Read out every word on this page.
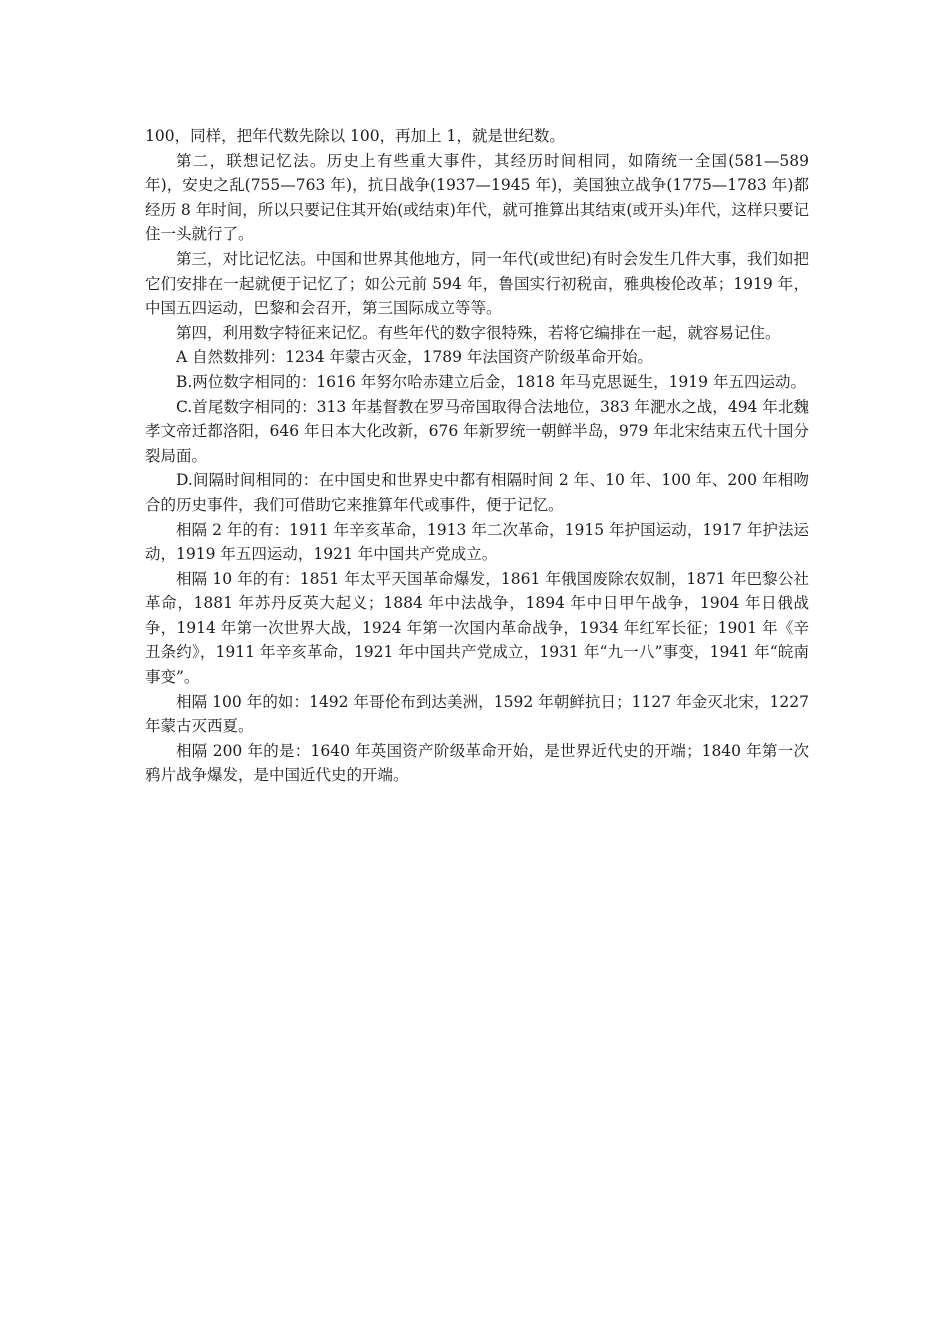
100，同样，把年代数先除以 100，再加上 1，就是世纪数。

第二，联想记忆法。历史上有些重大事件，其经历时间相同，如隋统一全国(581—589 年)，安史之乱(755—763 年)，抗日战争(1937—1945 年)，美国独立战争(1775—1783 年)都经历 8 年时间，所以只要记住其开始(或结束)年代，就可推算出其结束(或开头)年代，这样只要记住一头就行了。

第三，对比记忆法。中国和世界其他地方，同一年代(或世纪)有时会发生几件大事，我们如把它们安排在一起就便于记忆了；如公元前 594 年，鲁国实行初税亩，雅典梭伦改革；1919 年，中国五四运动，巴黎和会召开，第三国际成立等等。

第四，利用数字特征来记忆。有些年代的数字很特殊，若将它编排在一起，就容易记住。

A 自然数排列：1234 年蒙古灭金，1789 年法国资产阶级革命开始。

B.两位数字相同的：1616 年努尔哈赤建立后金，1818 年马克思诞生，1919 年五四运动。

C.首尾数字相同的：313 年基督教在罗马帝国取得合法地位，383 年淝水之战，494 年北魏孝文帝迁都洛阳，646 年日本大化改新，676 年新罗统一朝鲜半岛，979 年北宋结束五代十国分裂局面。

D.间隔时间相同的：在中国史和世界史中都有相隔时间 2 年、10 年、100 年、200 年相吻合的历史事件，我们可借助它来推算年代或事件，便于记忆。

相隔 2 年的有：1911 年辛亥革命，1913 年二次革命，1915 年护国运动，1917 年护法运动，1919 年五四运动，1921 年中国共产党成立。

相隔 10 年的有：1851 年太平天国革命爆发，1861 年俄国废除农奴制，1871 年巴黎公社革命，1881 年苏丹反英大起义；1884 年中法战争，1894 年中日甲午战争，1904 年日俄战争，1914 年第一次世界大战，1924 年第一次国内革命战争，1934 年红军长征；1901 年《辛丑条约》，1911 年辛亥革命，1921 年中国共产党成立，1931 年“九一八”事变，1941 年“皖南事变”。

相隔 100 年的如：1492 年哥伦布到达美洲，1592 年朝鲜抗日；1127 年金灭北宋，1227 年蒙古灭西夏。

相隔 200 年的是：1640 年英国资产阶级革命开始，是世界近代史的开端；1840 年第一次鸦片战争爆发，是中国近代史的开端。
